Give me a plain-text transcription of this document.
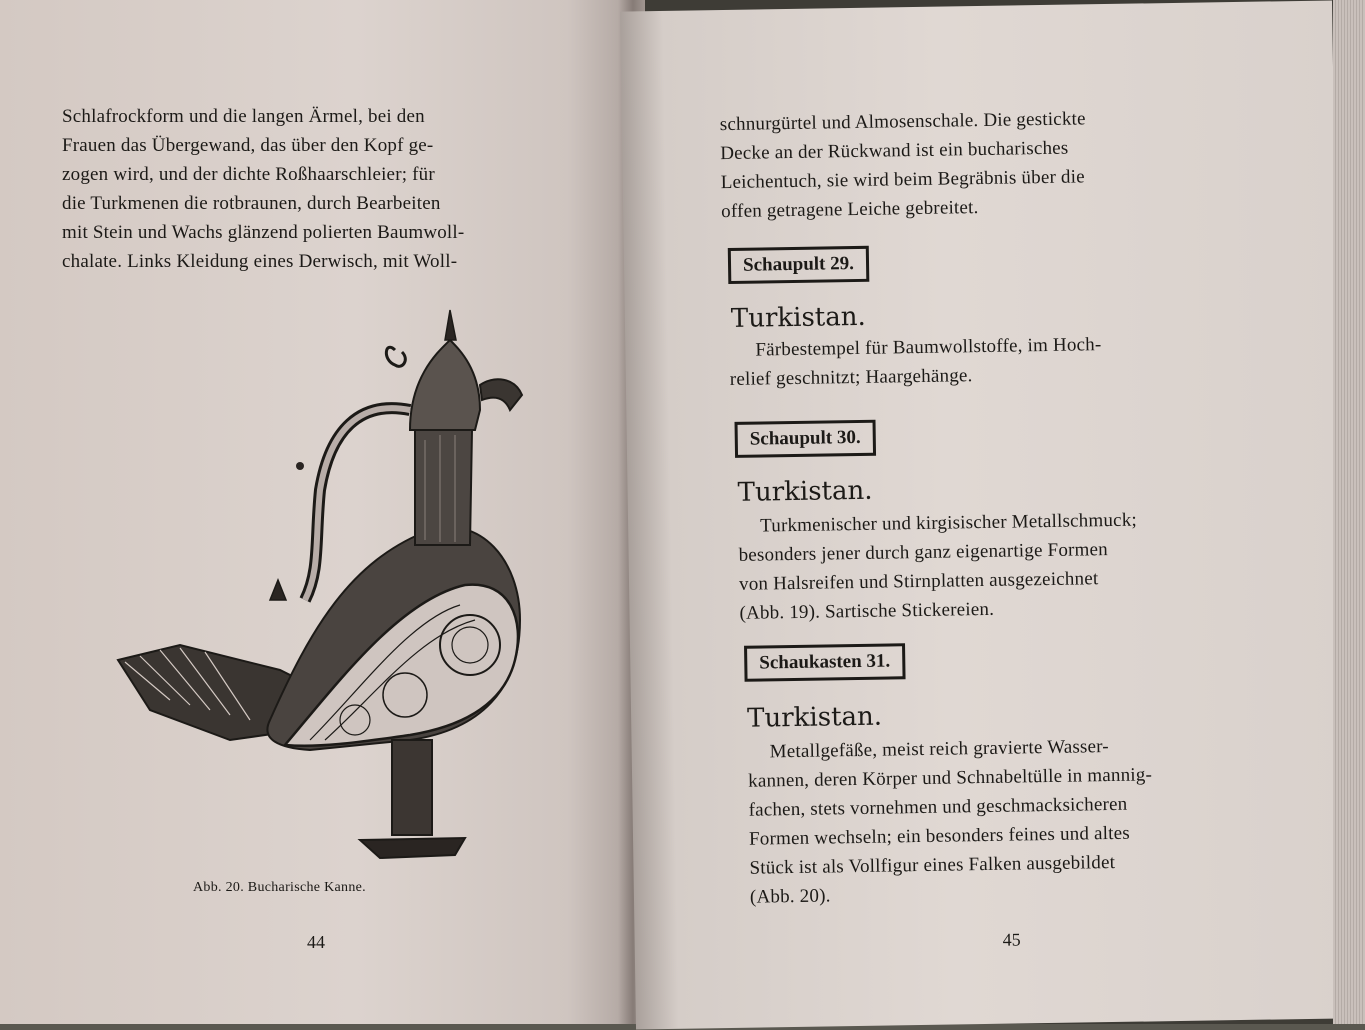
Schlafrockform und die langen Ärmel, bei den

Frauen das Übergewand, das über den Kopf ge-

zogen wird, und der dichte Roßhaarschleier; für

die Turkmenen die rotbraunen, durch Bearbeiten

mit Stein und Wachs glänzend polierten Baumwoll-

chalate. Links Kleidung eines Derwisch, mit Woll-

Abb. 20. Bucharische Kanne.
44

schnurgürtel und Almosenschale. Die gestickte

Decke an der Rückwand ist ein bucharisches

Leichentuch, sie wird beim Begräbnis über die

offen getragene Leiche gebreitet.

Schaupult 29.
Turkistan.

Färbestempel für Baumwollstoffe, im Hoch-

relief geschnitzt; Haargehänge.

Schaupult 30.
Turkistan.

Turkmenischer und kirgisischer Metallschmuck;

besonders jener durch ganz eigenartige Formen

von Halsreifen und Stirnplatten ausgezeichnet

(Abb. 19). Sartische Stickereien.

Schaukasten 31.
Turkistan.

Metallgefäße, meist reich gravierte Wasser-

kannen, deren Körper und Schnabeltülle in mannig-

fachen, stets vornehmen und geschmacksicheren

Formen wechseln; ein besonders feines und altes

Stück ist als Vollfigur eines Falken ausgebildet

(Abb. 20).

45
